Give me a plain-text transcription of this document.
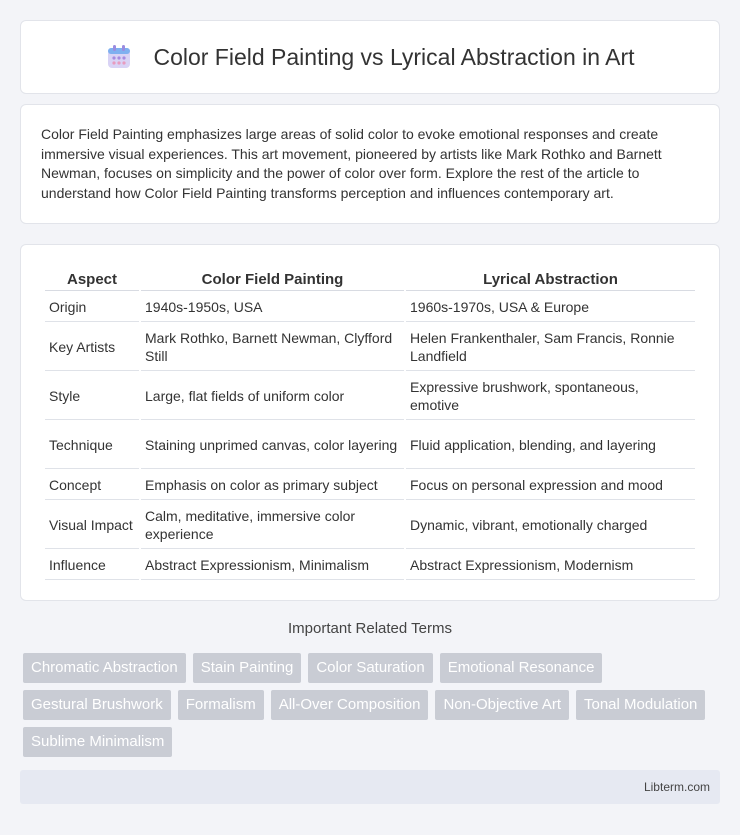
Color Field Painting vs Lyrical Abstraction in Art

Color Field Painting emphasizes large areas of solid color to evoke emotional responses and create immersive visual experiences. This art movement, pioneered by artists like Mark Rothko and Barnett Newman, focuses on simplicity and the power of color over form. Explore the rest of the article to understand how Color Field Painting transforms perception and influences contemporary art.

Aspect	Color Field Painting	Lyrical Abstraction
Origin	1940s-1950s, USA	1960s-1970s, USA & Europe
Key Artists	Mark Rothko, Barnett Newman, Clyfford Still	Helen Frankenthaler, Sam Francis, Ronnie Landfield
Style	Large, flat fields of uniform color	Expressive brushwork, spontaneous, emotive
Technique	Staining unprimed canvas, color layering	Fluid application, blending, and layering
Concept	Emphasis on color as primary subject	Focus on personal expression and mood
Visual Impact	Calm, meditative, immersive color experience	Dynamic, vibrant, emotionally charged
Influence	Abstract Expressionism, Minimalism	Abstract Expressionism, Modernism
Important Related Terms
Chromatic Abstraction	Stain Painting	Color Saturation	Emotional Resonance
Gestural Brushwork	Formalism	All-Over Composition	Non-Objective Art	Tonal Modulation
Sublime Minimalism
Libterm.com
